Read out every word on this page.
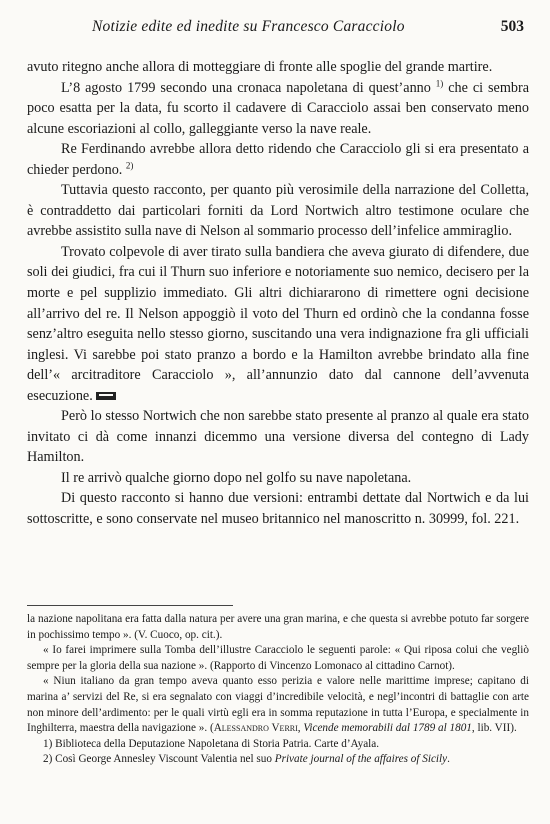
Notizie edite ed inedite su Francesco Caracciolo	503

avuto ritegno anche allora di motteggiare di fronte alle spoglie del grande martire.

L’8 agosto 1799 secondo una cronaca napoletana di quest’anno $^{1)}$ che ci sembra poco esatta per la data, fu scorto il cadavere di Caracciolo assai ben conservato meno alcune escoriazioni al collo, galleggiante verso la nave reale.

Re Ferdinando avrebbe allora detto ridendo che Caracciolo gli si era presentato a chieder perdono. $^{2)}$

Tuttavia questo racconto, per quanto più verosimile della narrazione del Colletta, è contraddetto dai particolari forniti da Lord Nortwich altro testimone oculare che avrebbe assistito sulla nave di Nelson al sommario processo dell’infelice ammiraglio.

Trovato colpevole di aver tirato sulla bandiera che aveva giurato di difendere, due soli dei giudici, fra cui il Thurn suo inferiore e notoriamente suo nemico, decisero per la morte e pel supplizio immediato. Gli altri dichiararono di rimettere ogni decisione all’arrivo del re. Il Nelson appoggiò il voto del Thurn ed ordinò che la condanna fosse senz’altro eseguita nello stesso giorno, suscitando una vera indignazione fra gli ufficiali inglesi. Vi sarebbe poi stato pranzo a bordo e la Hamilton avrebbe brindato alla fine dell’« arcitraditore Caracciolo », all’annunzio dato dal cannone dell’avvenuta esecuzione.

Però lo stesso Nortwich che non sarebbe stato presente al pranzo al quale era stato invitato ci dà come innanzi dicemmo una versione diversa del contegno di Lady Hamilton.

Il re arrivò qualche giorno dopo nel golfo su nave napoletana.

Di questo racconto si hanno due versioni: entrambi dettate dal Nortwich e da lui sottoscritte, e sono conservate nel museo britannico nel manoscritto n. 30999, fol. 221.

la nazione napolitana era fatta dalla natura per avere una gran marina, e che questa si avrebbe potuto far sorgere in pochissimo tempo ». (V. Cuoco, op. cit.).

« Io farei imprimere sulla Tomba dell’illustre Caracciolo le seguenti parole: « Qui riposa colui che vegliò sempre per la gloria della sua nazione ». (Rapporto di Vincenzo Lomonaco al cittadino Carnot).

« Niun italiano da gran tempo aveva quanto esso perizia e valore nelle marittime imprese; capitano di marina a’ servizi del Re, si era segnalato con viaggi d’incredibile velocità, e negl’incontri di battaglie con arte non minore dell’ardimento: per le quali virtù egli era in somma reputazione in tutta l’Europa, e specialmente in Inghilterra, maestra della navigazione ». (Alessandro Verri, Vicende memorabili dal 1789 al 1801, lib. VII).

1) Biblioteca della Deputazione Napoletana di Storia Patria. Carte d’Ayala.

2) Così George Annesley Viscount Valentia nel suo Private journal of the affaires of Sicily.
